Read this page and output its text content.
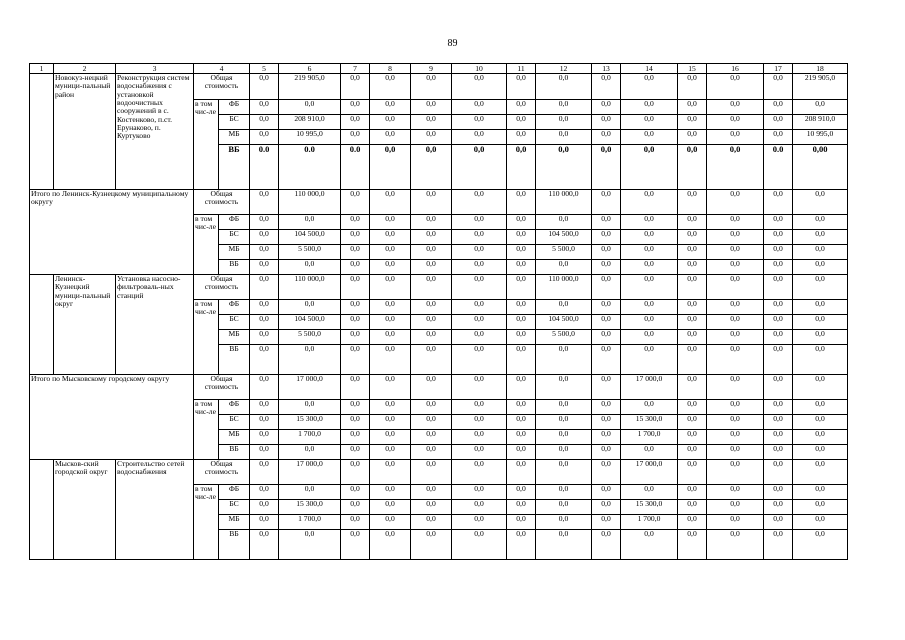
89
1	2	3	4		5	6	7	8	9	10	11	12	13	14	15	16	17	18
	Новокуз-нецкий муници-пальный район	Реконструкция систем водоснабжения с установкой водоочистных сооружений в с. Костенково, п.ст. Ерунаково, п. Куртуково	Общая стоимость		0,0	219 905,0	0,0	0,0	0,0	0,0	0,0	0,0	0,0	0,0	0,0	0,0	0,0	219 905,0
			в том чис-ле	ФБ	0,0	0,0	0,0	0,0	0,0	0,0	0,0	0,0	0,0	0,0	0,0	0,0	0,0	0,0
				БС	0,0	208 910,0	0,0	0,0	0,0	0,0	0,0	0,0	0,0	0,0	0,0	0,0	0,0	208 910,0
				МБ	0,0	10 995,0	0,0	0,0	0,0	0,0	0,0	0,0	0,0	0,0	0,0	0,0	0,0	10 995,0
				ВБ	0.0	0.0	0.0	0,0	0,0	0,0	0,0	0,0	0,0	0,0	0,0	0,0	0.0	0,00
Итого по Ленинск-Кузнецкому муниципальному округу			Общая стоимость		0,0	110 000,0	0,0	0,0	0,0	0,0	0,0	110 000,0	0,0	0,0	0,0	0,0	0,0	0,0
			в том чис-ле	ФБ	0,0	0,0	0,0	0,0	0,0	0,0	0,0	0,0	0,0	0,0	0,0	0,0	0,0	0,0
				БС	0,0	104 500,0	0,0	0,0	0,0	0,0	0,0	104 500,0	0,0	0,0	0,0	0,0	0,0	0,0
				МБ	0,0	5 500,0	0,0	0,0	0,0	0,0	0,0	5 500,0	0,0	0,0	0,0	0,0	0,0	0,0
				ВБ	0,0	0,0	0,0	0,0	0,0	0,0	0,0	0,0	0,0	0,0	0,0	0,0	0,0	0,0
	Ленинск-Кузнецкий муници-пальный округ	Установка насосно-фильтроваль-ных станций	Общая стоимость		0,0	110 000,0	0,0	0,0	0,0	0,0	0,0	110 000,0	0,0	0,0	0,0	0,0	0,0	0,0
			в том чис-ле	ФБ	0,0	0,0	0,0	0,0	0,0	0,0	0,0	0,0	0,0	0,0	0,0	0,0	0,0	0,0
				БС	0,0	104 500,0	0,0	0,0	0,0	0,0	0,0	104 500,0	0,0	0,0	0,0	0,0	0,0	0,0
				МБ	0,0	5 500,0	0,0	0,0	0,0	0,0	0,0	5 500,0	0,0	0,0	0,0	0,0	0,0	0,0
				ВБ	0,0	0,0	0,0	0,0	0,0	0,0	0,0	0,0	0,0	0,0	0,0	0,0	0,0	0,0
Итого по Мысковскому городскому округу			Общая стоимость		0,0	17 000,0	0,0	0,0	0,0	0,0	0,0	0,0	0,0	17 000,0	0,0	0,0	0,0	0,0
			в том чис-ле	ФБ	0,0	0,0	0,0	0,0	0,0	0,0	0,0	0,0	0,0	0,0	0,0	0,0	0,0	0,0
				БС	0,0	15 300,0	0,0	0,0	0,0	0,0	0,0	0,0	0,0	15 300,0	0,0	0,0	0,0	0,0
				МБ	0,0	1 700,0	0,0	0,0	0,0	0,0	0,0	0,0	0,0	1 700,0	0,0	0,0	0,0	0,0
				ВБ	0,0	0,0	0,0	0,0	0,0	0,0	0,0	0,0	0,0	0,0	0,0	0,0	0,0	0,0
	Мысков-ский городской округ	Строительство сетей водоснабжения	Общая стоимость		0,0	17 000,0	0,0	0,0	0,0	0,0	0,0	0,0	0,0	17 000,0	0,0	0,0	0,0	0,0
			в том чис-ле	ФБ	0,0	0,0	0,0	0,0	0,0	0,0	0,0	0,0	0,0	0,0	0,0	0,0	0,0	0,0
				БС	0,0	15 300,0	0,0	0,0	0,0	0,0	0,0	0,0	0,0	15 300,0	0,0	0,0	0,0	0,0
				МБ	0,0	1 700,0	0,0	0,0	0,0	0,0	0,0	0,0	0,0	1 700,0	0,0	0,0	0,0	0,0
				ВБ	0,0	0,0	0,0	0,0	0,0	0,0	0,0	0,0	0,0	0,0	0,0	0,0	0,0	0,0
